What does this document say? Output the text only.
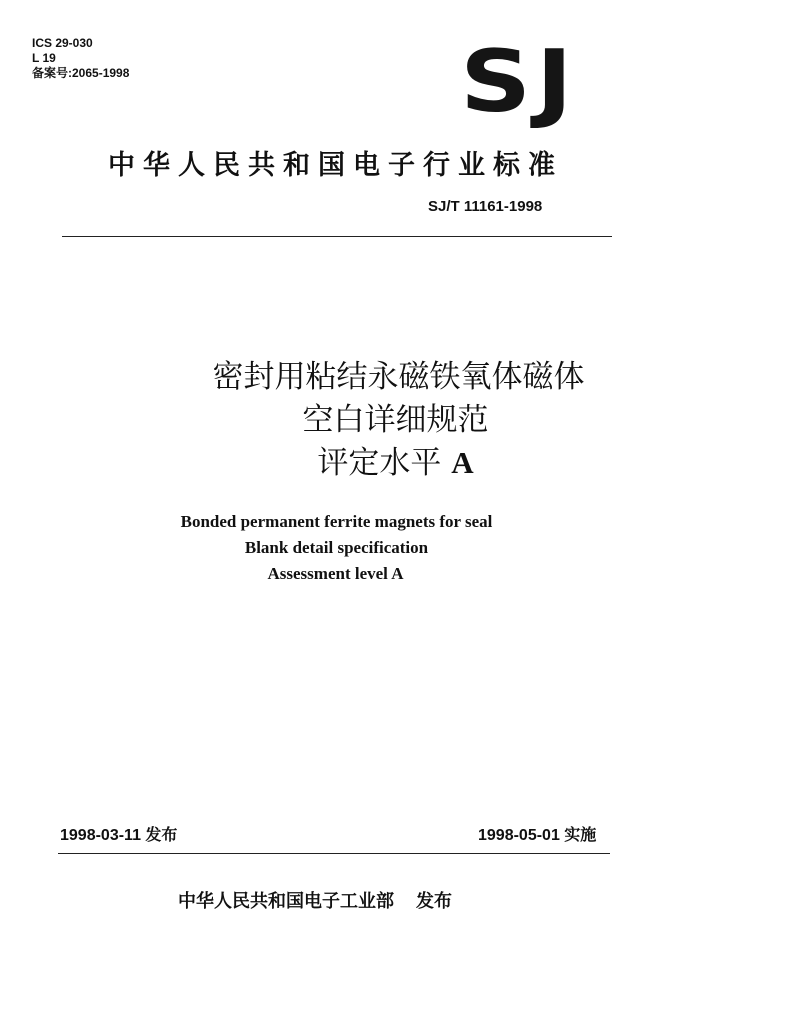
ICS 29-030
L 19
备案号:2065-1998	SJ
中华人民共和国电子行业标准
SJ/T 11161-1998
密封用粘结永磁铁氧体磁体
空白详细规范
评定水平 A
Bonded permanent ferrite magnets for seal
Blank detail specification
Assessment level A
1998-03-11 发布	1998-05-01 实施
中华人民共和国电子工业部 发布
